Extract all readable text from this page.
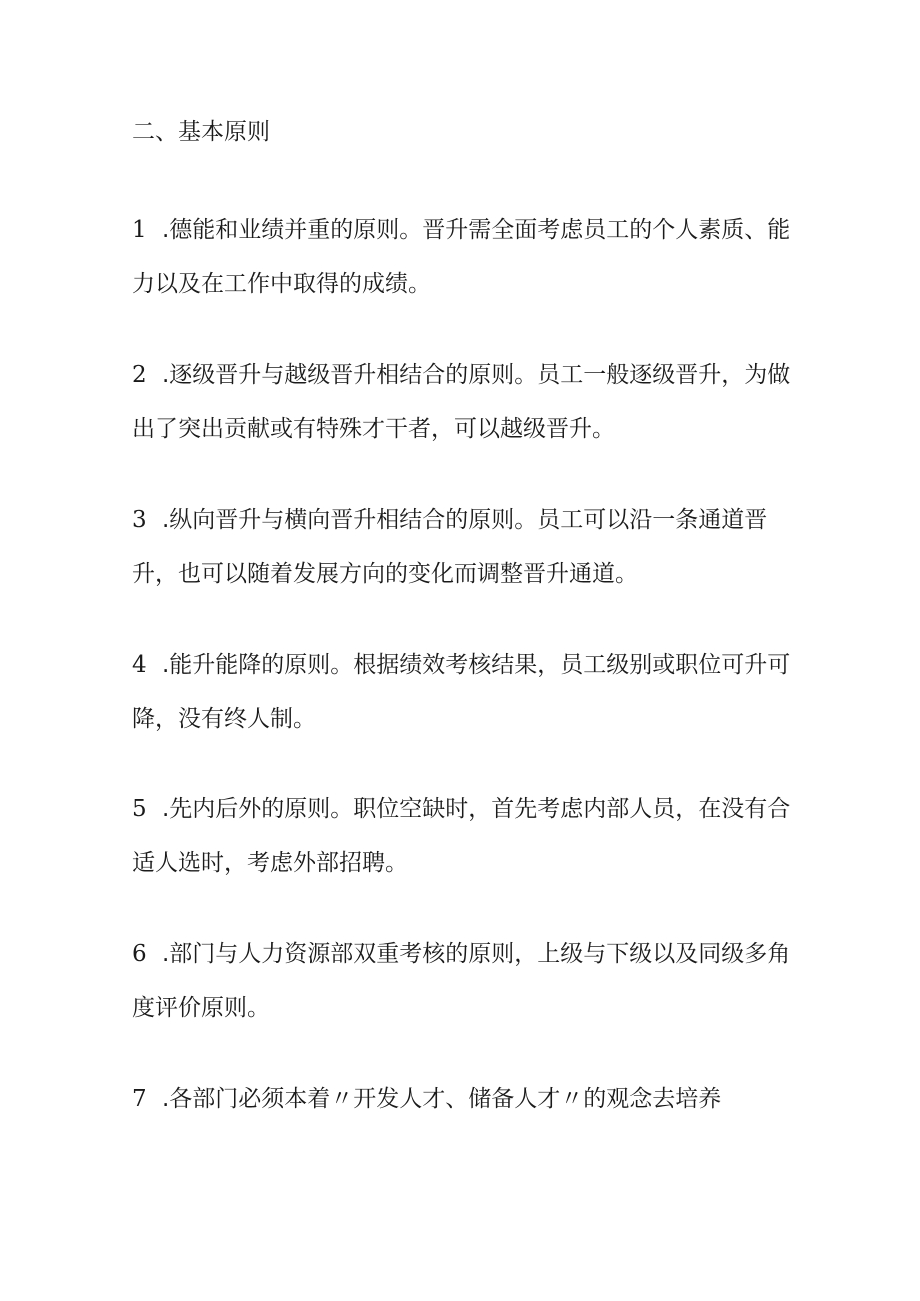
二、基本原则
1 .德能和业绩并重的原则。晋升需全面考虑员工的个人素质、能
力以及在工作中取得的成绩。
2 .逐级晋升与越级晋升相结合的原则。员工一般逐级晋升，为做
出了突出贡献或有特殊才干者，可以越级晋升。
3 .纵向晋升与横向晋升相结合的原则。员工可以沿一条通道晋
升，也可以随着发展方向的变化而调整晋升通道。
4 .能升能降的原则。根据绩效考核结果，员工级别或职位可升可
降，没有终人制。
5 .先内后外的原则。职位空缺时，首先考虑内部人员，在没有合
适人选时，考虑外部招聘。
6 .部门与人力资源部双重考核的原则，上级与下级以及同级多角
度评价原则。
7 .各部门必须本着〃开发人才、储备人才〃的观念去培养
